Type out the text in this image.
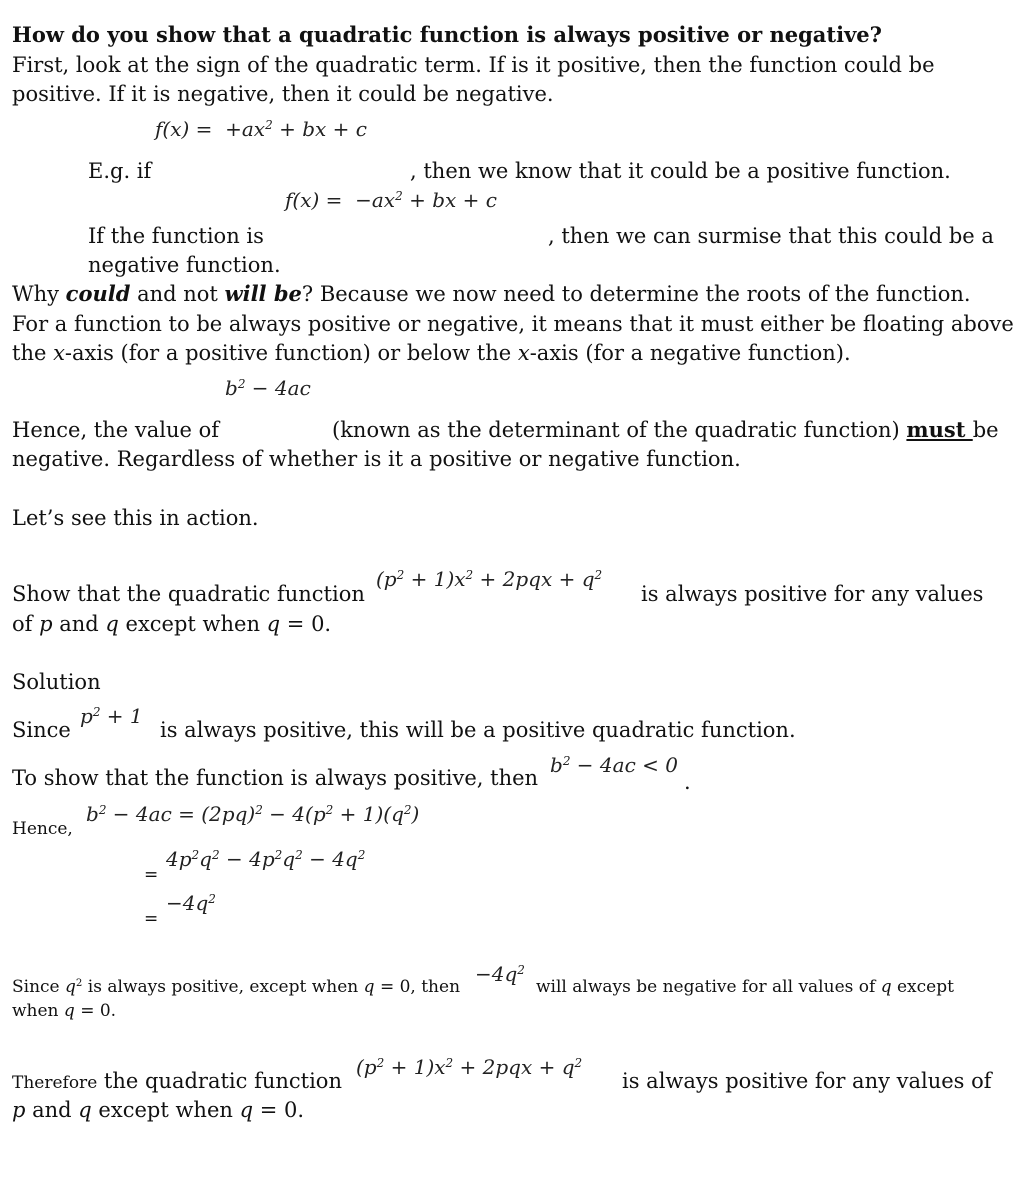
How do you show that a quadratic function is always positive or negative?
First, look at the sign of the quadratic term. If is it positive, then the function could be
positive. If it is negative, then it could be negative.
$f(x) = +ax^2$ + bx + c
E.g. if	, then we know that it could be a positive function.
$f(x) = -ax^2$ + bx + c
If the function is	, then we can surmise that this could be a
negative function.
Why could and not will be? Because we now need to determine the roots of the function.
For a function to be always positive or negative, it means that it must either be floating above
the x-axis (for a positive function) or below the x-axis (for a negative function).
$b^2 - 4ac$
Hence, the value of	(known as the determinant of the quadratic function) must be
negative. Regardless of whether is it a positive or negative function.
Let’s see this in action.
Show that the quadratic function
$(p^2 + 1)x^2 + 2pqx + q^2$
is always positive for any values
of p and q except when q = 0.
Solution
Since
$p^2 + 1$
is always positive, this will be a positive quadratic function.
To show that the function is always positive, then
$b^2 - 4ac < 0$
.
Hence,
$b^2 - 4ac = (2pq)^2 - 4(p^2 + 1)(q^2)$
=
$4p^2q^2 - 4p^2q^2 - 4q^2$
=
$-4q^2$
Since $q^2$ is always positive, except when q = 0, then
$-4q^2$
will always be negative for all values of q except
when q = 0.
Therefore the quadratic function
$(p^2 + 1)x^2 + 2pqx + q^2$
is always positive for any values of
p and q except when q = 0.
